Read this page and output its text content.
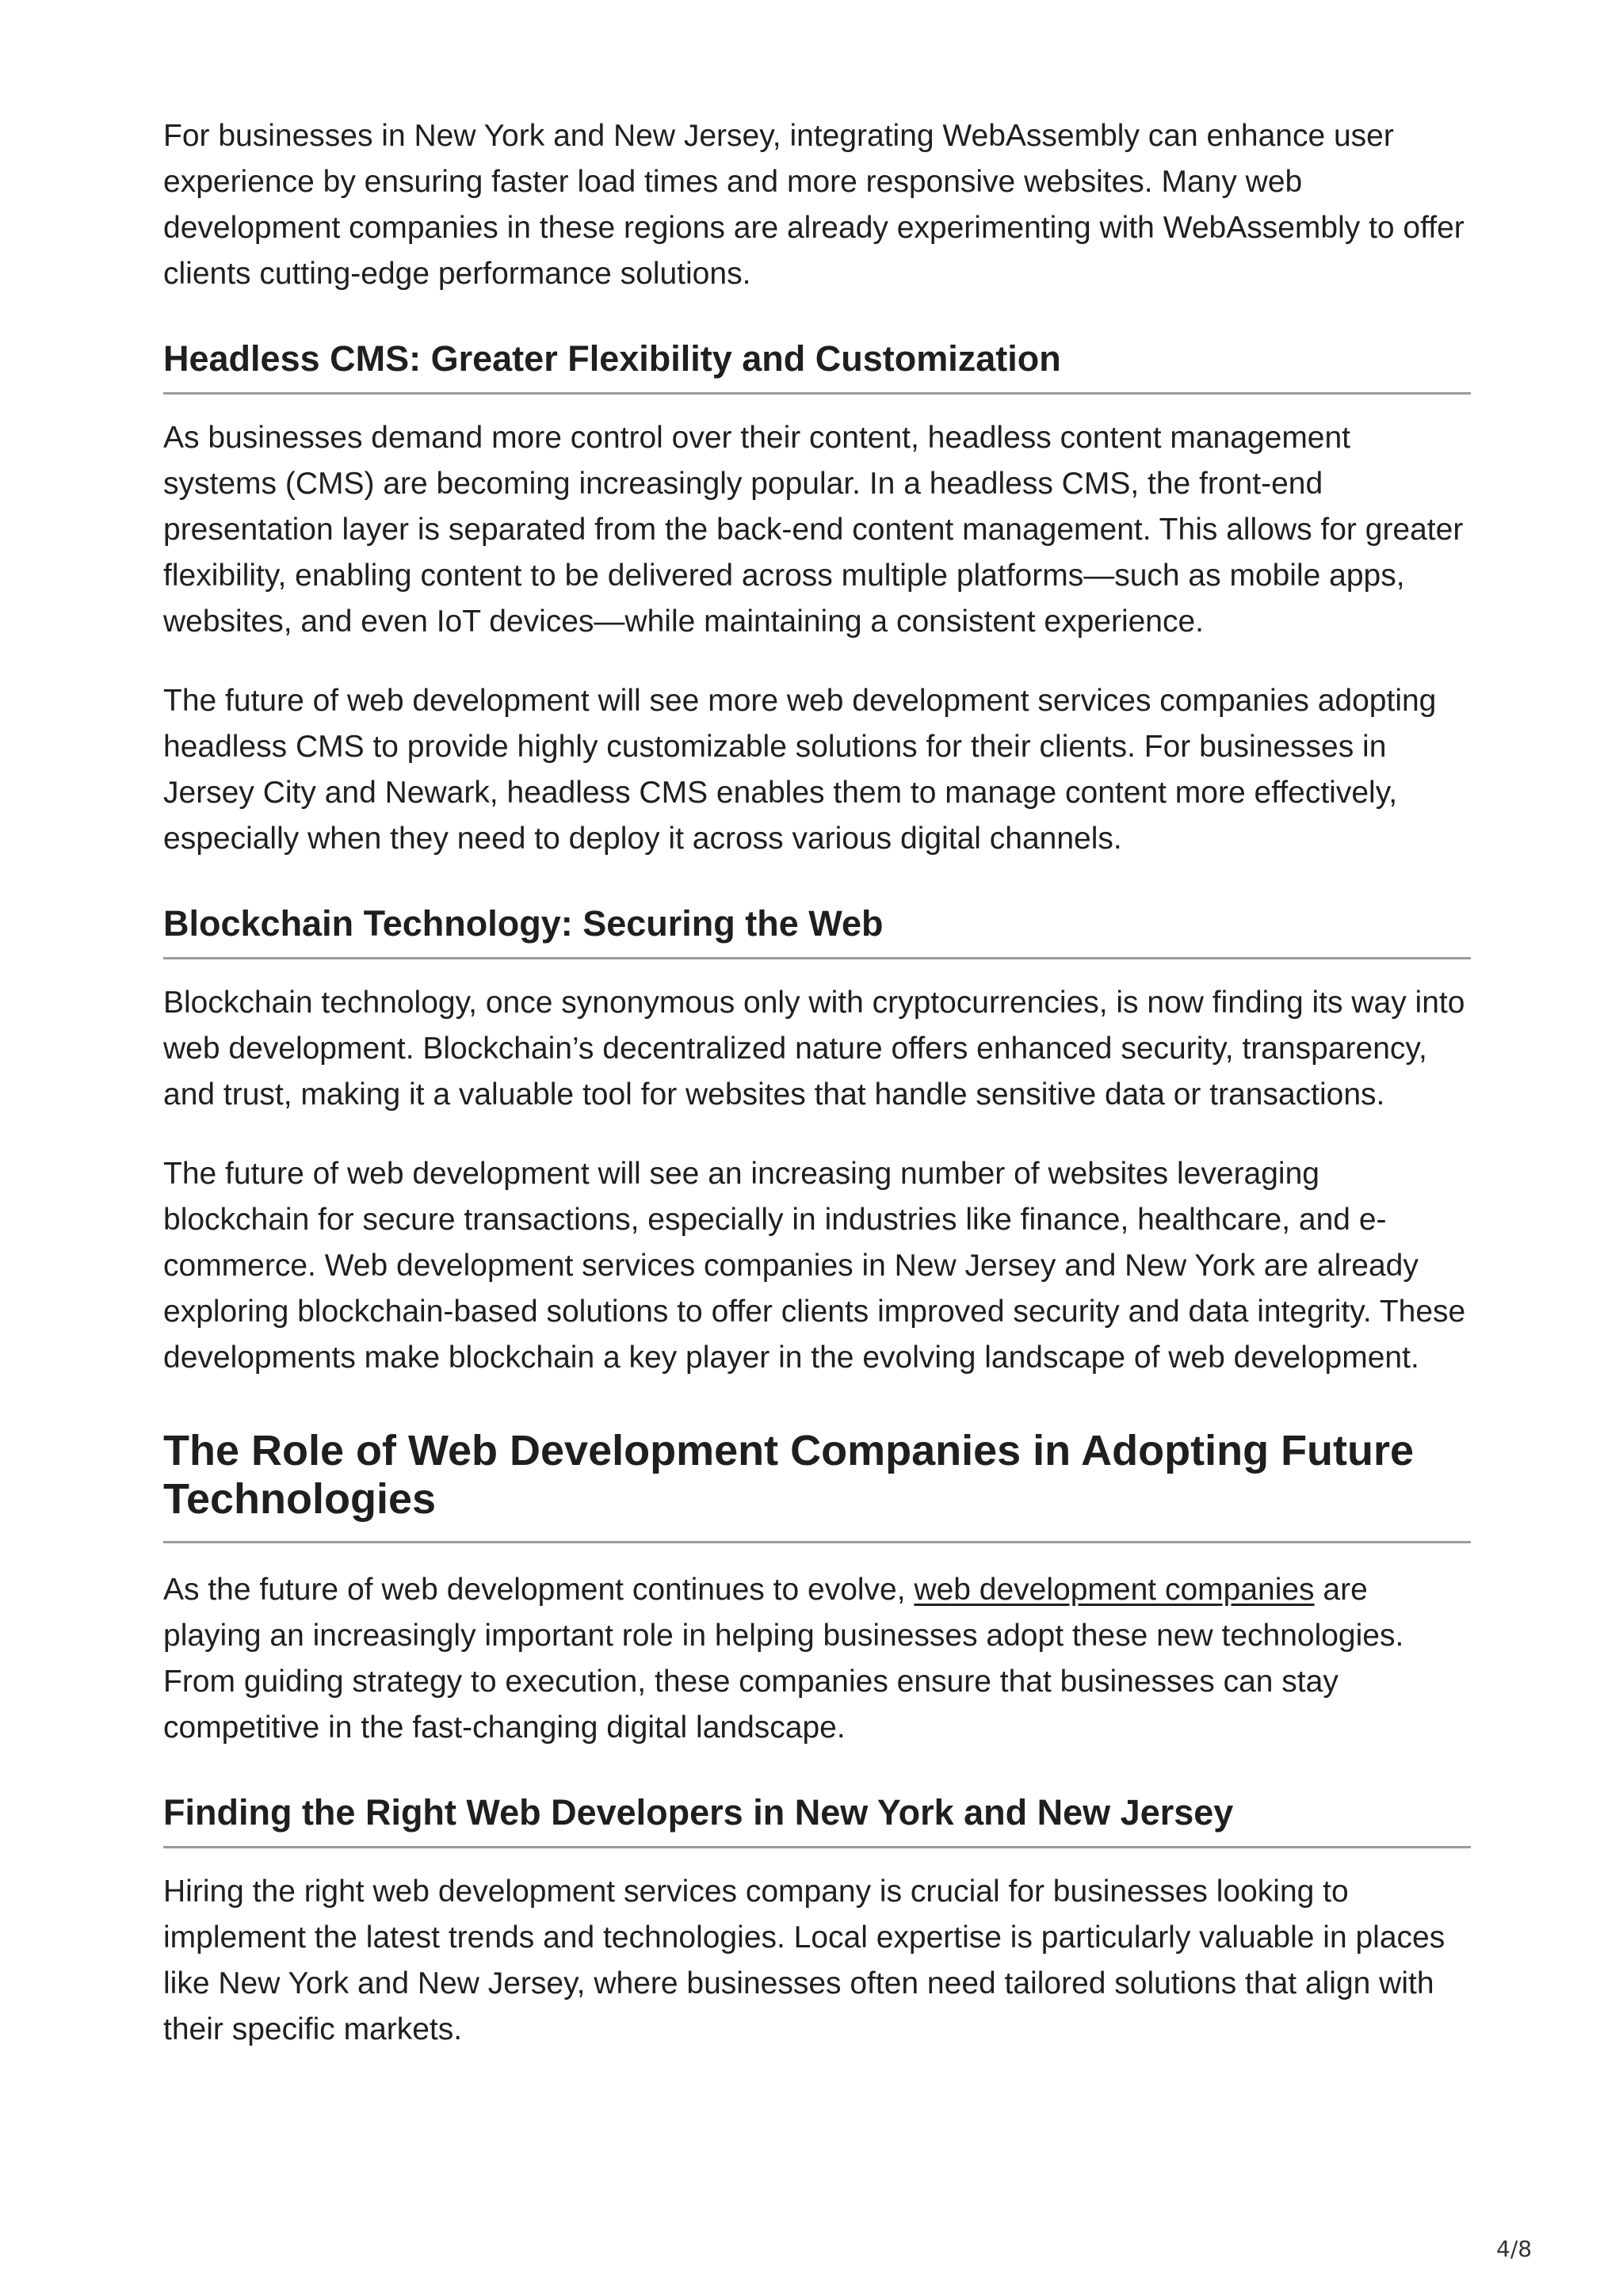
For businesses in New York and New Jersey, integrating WebAssembly can enhance user experience by ensuring faster load times and more responsive websites. Many web development companies in these regions are already experimenting with WebAssembly to offer clients cutting-edge performance solutions.

Headless CMS: Greater Flexibility and Customization

As businesses demand more control over their content, headless content management systems (CMS) are becoming increasingly popular. In a headless CMS, the front-end presentation layer is separated from the back-end content management. This allows for greater flexibility, enabling content to be delivered across multiple platforms—such as mobile apps, websites, and even IoT devices—while maintaining a consistent experience.

The future of web development will see more web development services companies adopting headless CMS to provide highly customizable solutions for their clients. For businesses in Jersey City and Newark, headless CMS enables them to manage content more effectively, especially when they need to deploy it across various digital channels.

Blockchain Technology: Securing the Web

Blockchain technology, once synonymous only with cryptocurrencies, is now finding its way into web development. Blockchain’s decentralized nature offers enhanced security, transparency, and trust, making it a valuable tool for websites that handle sensitive data or transactions.

The future of web development will see an increasing number of websites leveraging blockchain for secure transactions, especially in industries like finance, healthcare, and e-commerce. Web development services companies in New Jersey and New York are already exploring blockchain-based solutions to offer clients improved security and data integrity. These developments make blockchain a key player in the evolving landscape of web development.

The Role of Web Development Companies in Adopting Future Technologies

As the future of web development continues to evolve, web development companies are playing an increasingly important role in helping businesses adopt these new technologies. From guiding strategy to execution, these companies ensure that businesses can stay competitive in the fast-changing digital landscape.

Finding the Right Web Developers in New York and New Jersey

Hiring the right web development services company is crucial for businesses looking to implement the latest trends and technologies. Local expertise is particularly valuable in places like New York and New Jersey, where businesses often need tailored solutions that align with their specific markets.

4/8
